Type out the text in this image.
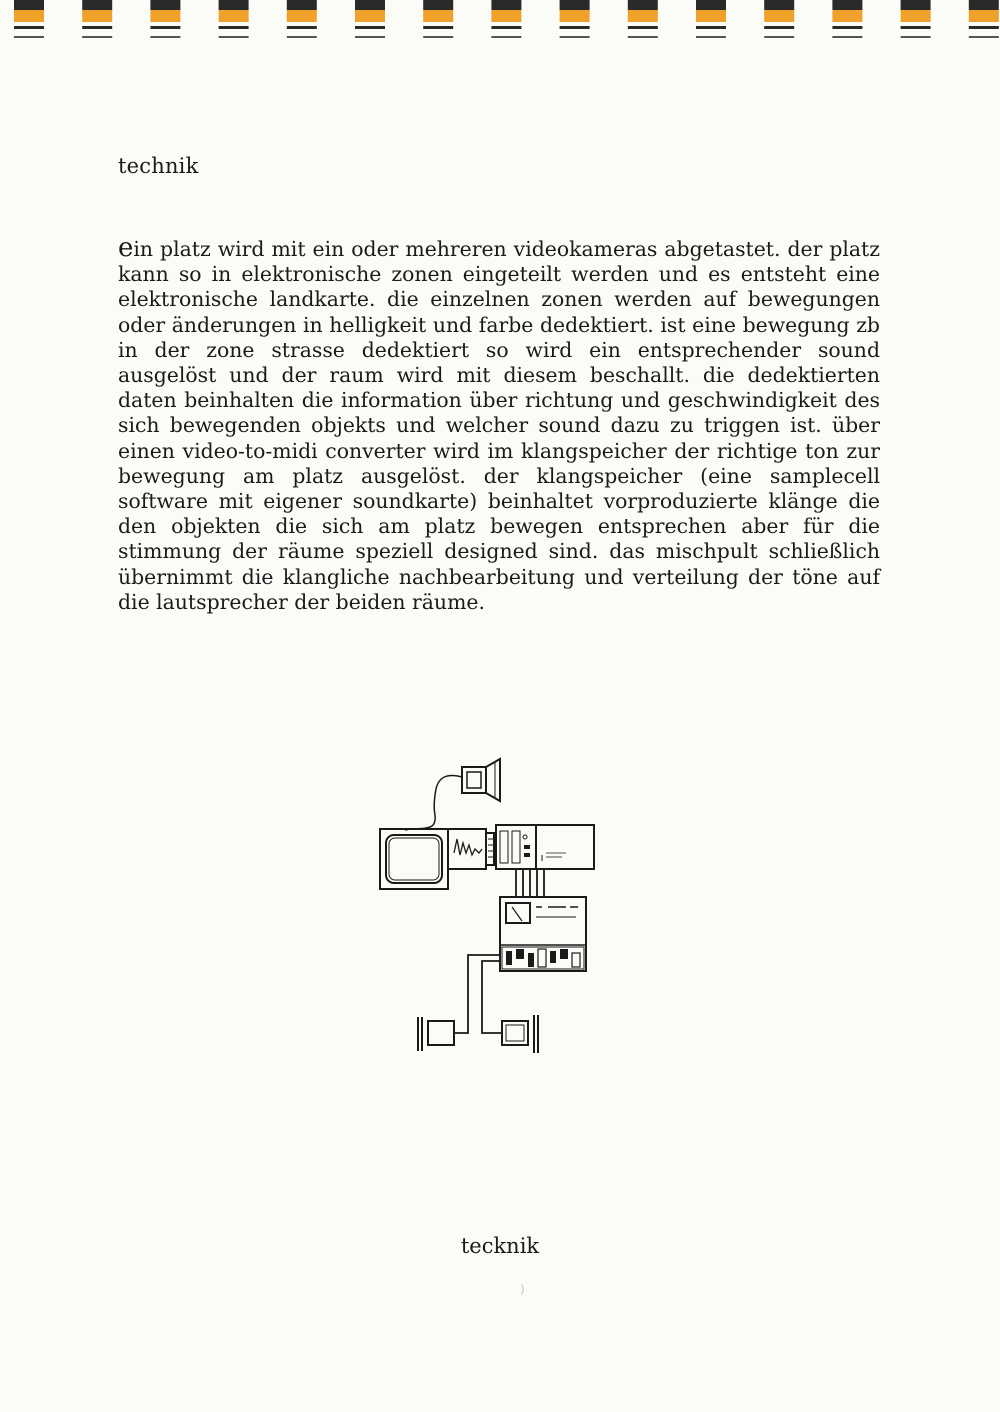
technik
ein platz wird mit ein oder mehreren videokameras abgetastet. der platz kann so in elektronische zonen eingeteilt werden und es entsteht eine elektronische landkarte. die einzelnen zonen werden auf bewegungen oder änderungen in helligkeit und farbe dedektiert. ist eine bewegung zb in der zone strasse dedektiert so wird ein entsprechender sound ausgelöst und der raum wird mit diesem beschallt. die dedektierten daten beinhalten die information über richtung und geschwindigkeit des sich bewegenden objekts und welcher sound dazu zu triggen ist. über einen video-to-midi converter wird im klangspeicher der richtige ton zur bewegung am platz ausgelöst. der klangspeicher (eine samplecell software mit eigener soundkarte) beinhaltet vorproduzierte klänge die den objekten die sich am platz bewegen entsprechen aber für die stimmung der räume speziell designed sind. das mischpult schließlich übernimmt die klangliche nachbearbeitung und verteilung der töne auf die lautsprecher der beiden räume.
tecknik
)
